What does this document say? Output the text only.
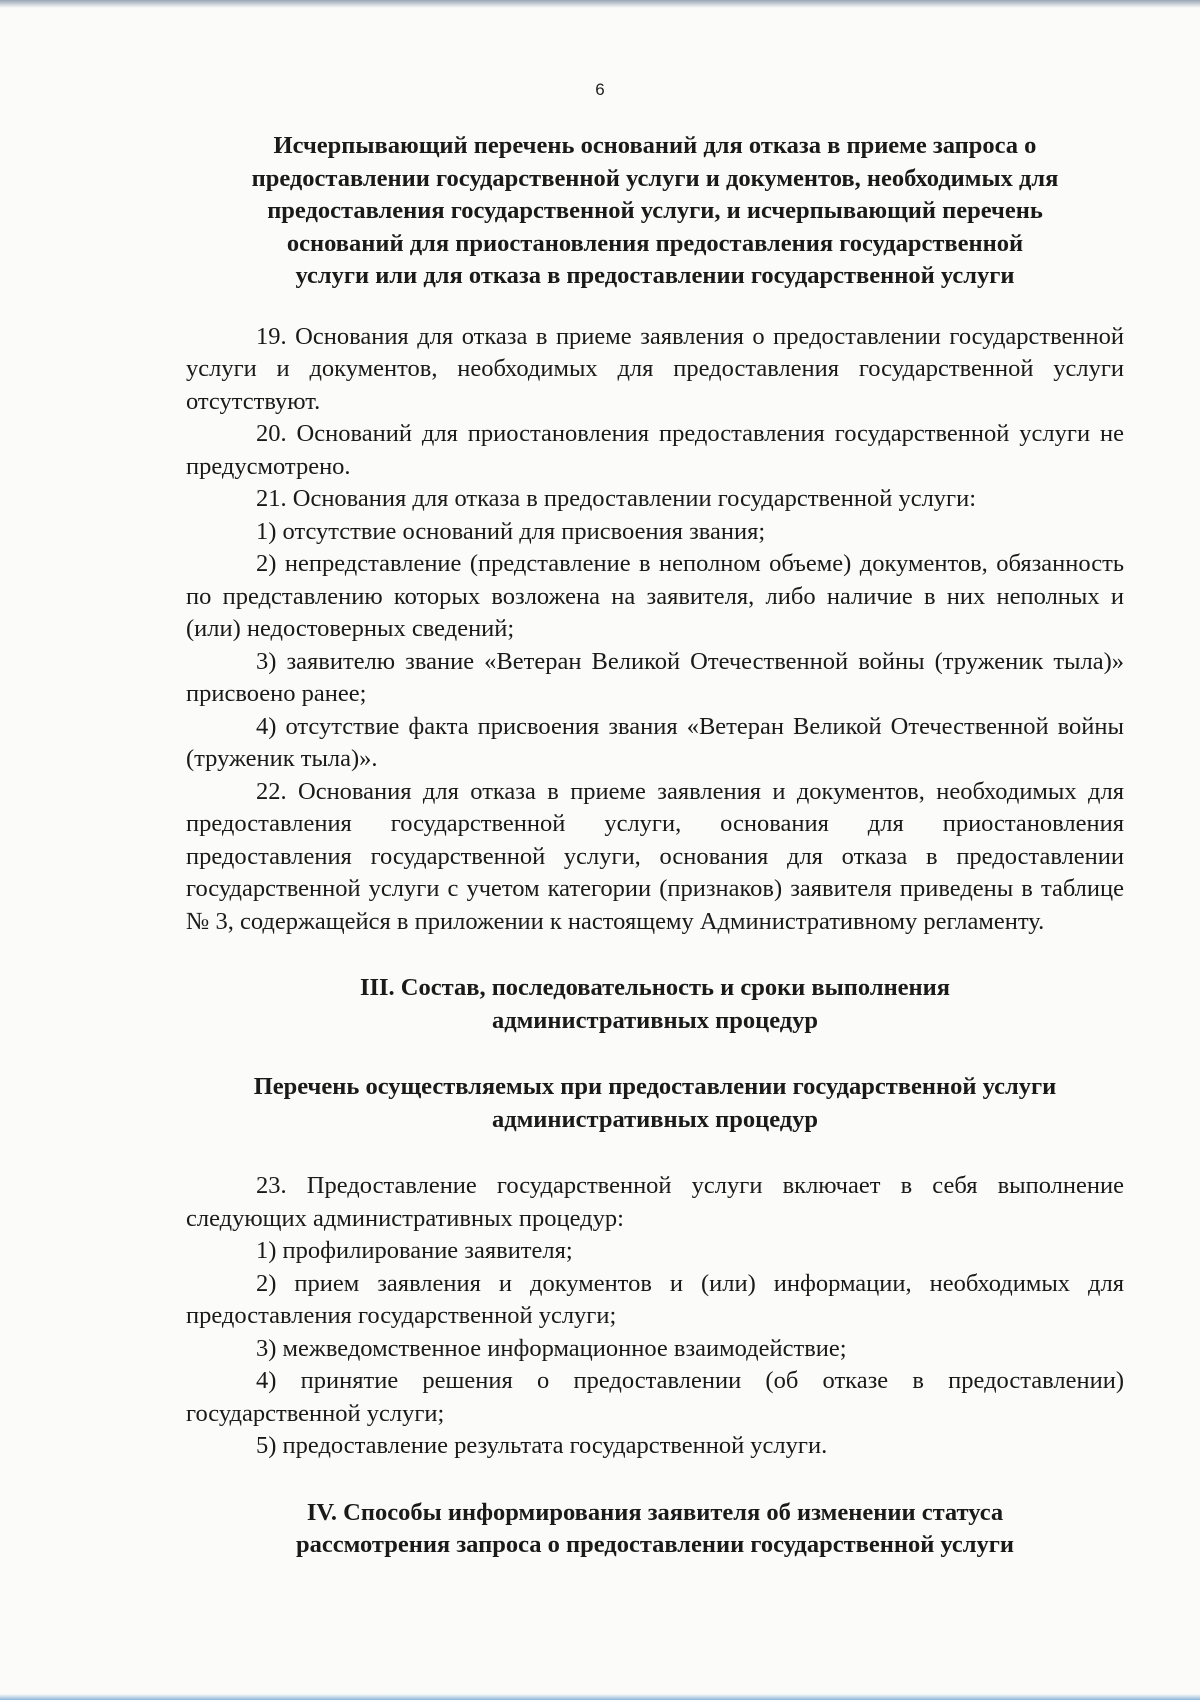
6

Исчерпывающий перечень оснований для отказа в приеме запроса о

предоставлении государственной услуги и документов, необходимых для

предоставления государственной услуги, и исчерпывающий перечень

оснований для приостановления предоставления государственной

услуги или для отказа в предоставлении государственной услуги

19. Основания для отказа в приеме заявления о предоставлении государственной услуги и документов, необходимых для предоставления государственной услуги отсутствуют.

20. Оснований для приостановления предоставления государственной услуги не предусмотрено.

21. Основания для отказа в предоставлении государственной услуги:

1) отсутствие оснований для присвоения звания;

2) непредставление (представление в неполном объеме) документов, обязанность по представлению которых возложена на заявителя, либо наличие в них неполных и (или) недостоверных сведений;

3) заявителю звание «Ветеран Великой Отечественной войны (труженик тыла)» присвоено ранее;

4) отсутствие факта присвоения звания «Ветеран Великой Отечественной войны (труженик тыла)».

22. Основания для отказа в приеме заявления и документов, необходимых для предоставления государственной услуги, основания для приостановления предоставления государственной услуги, основания для отказа в предоставлении государственной услуги с учетом категории (признаков) заявителя приведены в таблице № 3, содержащейся в приложении к настоящему Административному регламенту.

III. Состав, последовательность и сроки выполнения

административных процедур

Перечень осуществляемых при предоставлении государственной услуги

административных процедур

23. Предоставление государственной услуги включает в себя выполнение следующих административных процедур:

1) профилирование заявителя;

2) прием заявления и документов и (или) информации, необходимых для предоставления государственной услуги;

3) межведомственное информационное взаимодействие;

4) принятие решения о предоставлении (об отказе в предоставлении) государственной услуги;

5) предоставление результата государственной услуги.

IV. Способы информирования заявителя об изменении статуса

рассмотрения запроса о предоставлении государственной услуги
